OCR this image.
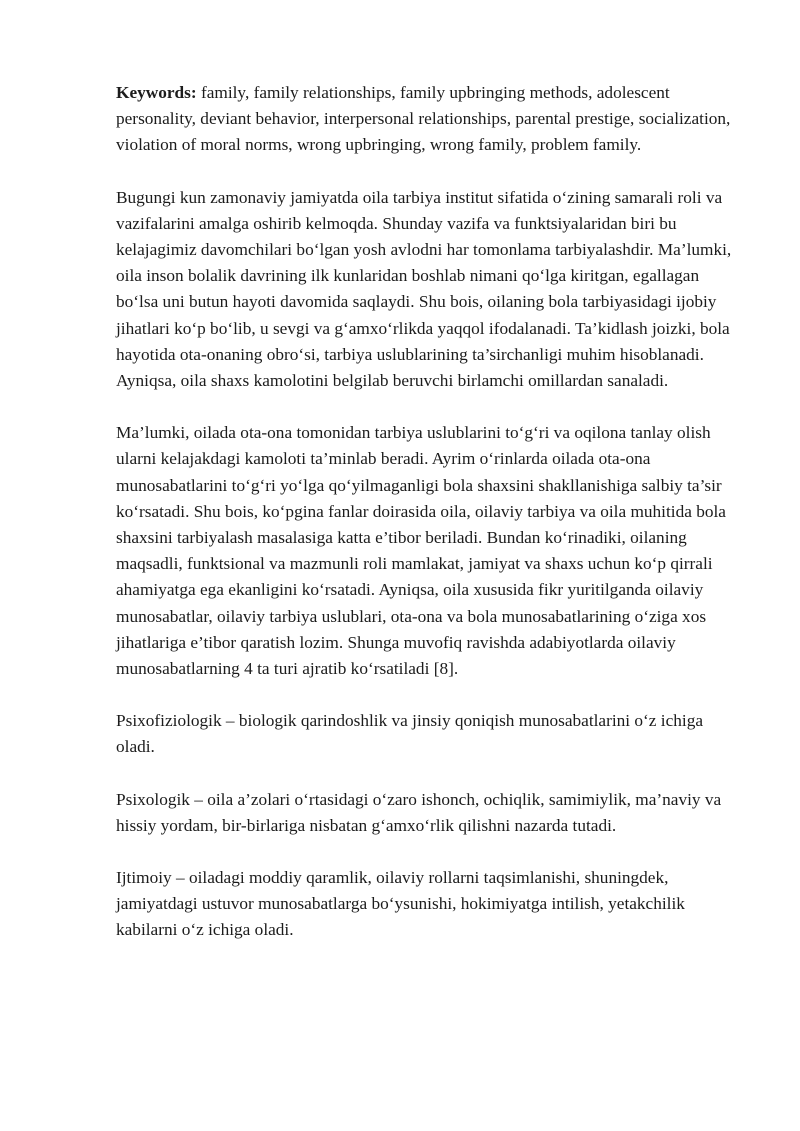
Keywords: family, family relationships, family upbringing methods, adolescent personality, deviant behavior, interpersonal relationships, parental prestige, socialization, violation of moral norms, wrong upbringing, wrong family, problem family.

Bugungi kun zamonaviy jamiyatda oila tarbiya institut sifatida o‘zining samarali roli va vazifalarini amalga oshirib kelmoqda. Shunday vazifa va funktsiyalaridan biri bu kelajagimiz davomchilari bo‘lgan yosh avlodni har tomonlama tarbiyalashdir. Ma’lumki, oila inson bolalik davrining ilk kunlaridan boshlab nimani qo‘lga kiritgan, egallagan bo‘lsa uni butun hayoti davomida saqlaydi. Shu bois, oilaning bola tarbiyasidagi ijobiy jihatlari ko‘p bo‘lib, u sevgi va g‘amxo‘rlikda yaqqol ifodalanadi. Ta’kidlash joizki, bola hayotida ota-onaning obro‘si, tarbiya uslublarining ta’sirchanligi muhim hisoblanadi. Ayniqsa, oila shaxs kamolotini belgilab beruvchi birlamchi omillardan sanaladi.

Ma’lumki, oilada ota-ona tomonidan tarbiya uslublarini to‘g‘ri va oqilona tanlay olish ularni kelajakdagi kamoloti ta’minlab beradi. Ayrim o‘rinlarda oilada ota-ona munosabatlarini to‘g‘ri yo‘lga qo‘yilmaganligi bola shaxsini shakllanishiga salbiy ta’sir ko‘rsatadi. Shu bois, ko‘pgina fanlar doirasida oila, oilaviy tarbiya va oila muhitida bola shaxsini tarbiyalash masalasiga katta e’tibor beriladi. Bundan ko‘rinadiki, oilaning maqsadli, funktsional va mazmunli roli mamlakat, jamiyat va shaxs uchun ko‘p qirrali ahamiyatga ega ekanligini ko‘rsatadi. Ayniqsa, oila xususida fikr yuritilganda oilaviy munosabatlar, oilaviy tarbiya uslublari, ota-ona va bola munosabatlarining o‘ziga xos jihatlariga e’tibor qaratish lozim. Shunga muvofiq ravishda adabiyotlarda oilaviy munosabatlarning 4 ta turi ajratib ko‘rsatiladi [8].

Psixofiziologik – biologik qarindoshlik va jinsiy qoniqish munosabatlarini o‘z ichiga oladi.

Psixologik – oila a’zolari o‘rtasidagi o‘zaro ishonch, ochiqlik, samimiylik, ma’naviy va hissiy yordam, bir-birlariga nisbatan g‘amxo‘rlik qilishni nazarda tutadi.

Ijtimoiy – oiladagi moddiy qaramlik, oilaviy rollarni taqsimlanishi, shuningdek, jamiyatdagi ustuvor munosabatlarga bo‘ysunishi, hokimiyatga intilish, yetakchilik kabilarni o‘z ichiga oladi.
